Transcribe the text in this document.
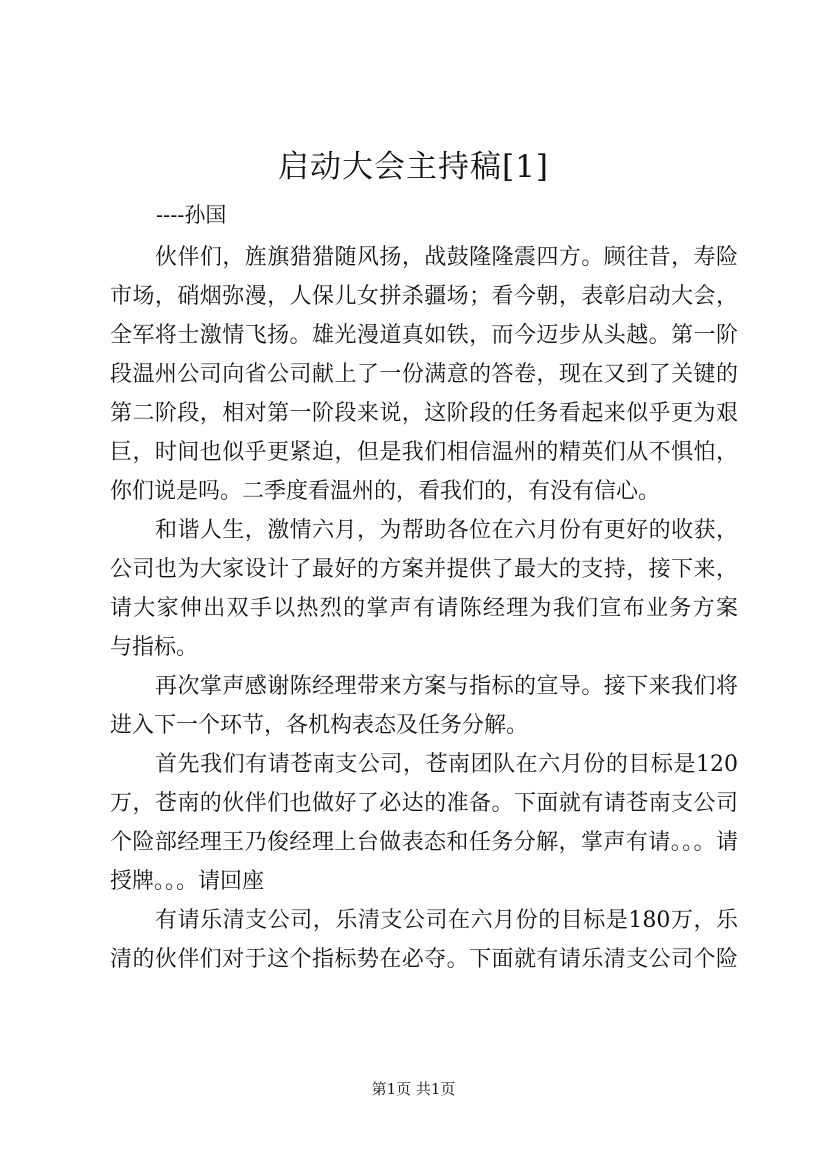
启动大会主持稿[1]
----孙国
伙伴们，旌旗猎猎随风扬，战鼓隆隆震四方。顾往昔，寿险
市场，硝烟弥漫，人保儿女拼杀疆场；看今朝，表彰启动大会，
全军将士激情飞扬。雄光漫道真如铁，而今迈步从头越。第一阶
段温州公司向省公司献上了一份满意的答卷，现在又到了关键的
第二阶段，相对第一阶段来说，这阶段的任务看起来似乎更为艰
巨，时间也似乎更紧迫，但是我们相信温州的精英们从不惧怕，
你们说是吗。二季度看温州的，看我们的，有没有信心。
和谐人生，激情六月，为帮助各位在六月份有更好的收获，
公司也为大家设计了最好的方案并提供了最大的支持，接下来，
请大家伸出双手以热烈的掌声有请陈经理为我们宣布业务方案
与指标。
再次掌声感谢陈经理带来方案与指标的宣导。接下来我们将
进入下一个环节，各机构表态及任务分解。
首先我们有请苍南支公司，苍南团队在六月份的目标是120
万，苍南的伙伴们也做好了必达的准备。下面就有请苍南支公司
个险部经理王乃俊经理上台做表态和任务分解，掌声有请。。。请
授牌。。。请回座
有请乐清支公司，乐清支公司在六月份的目标是180万，乐
清的伙伴们对于这个指标势在必夺。下面就有请乐清支公司个险
第1页 共1页
